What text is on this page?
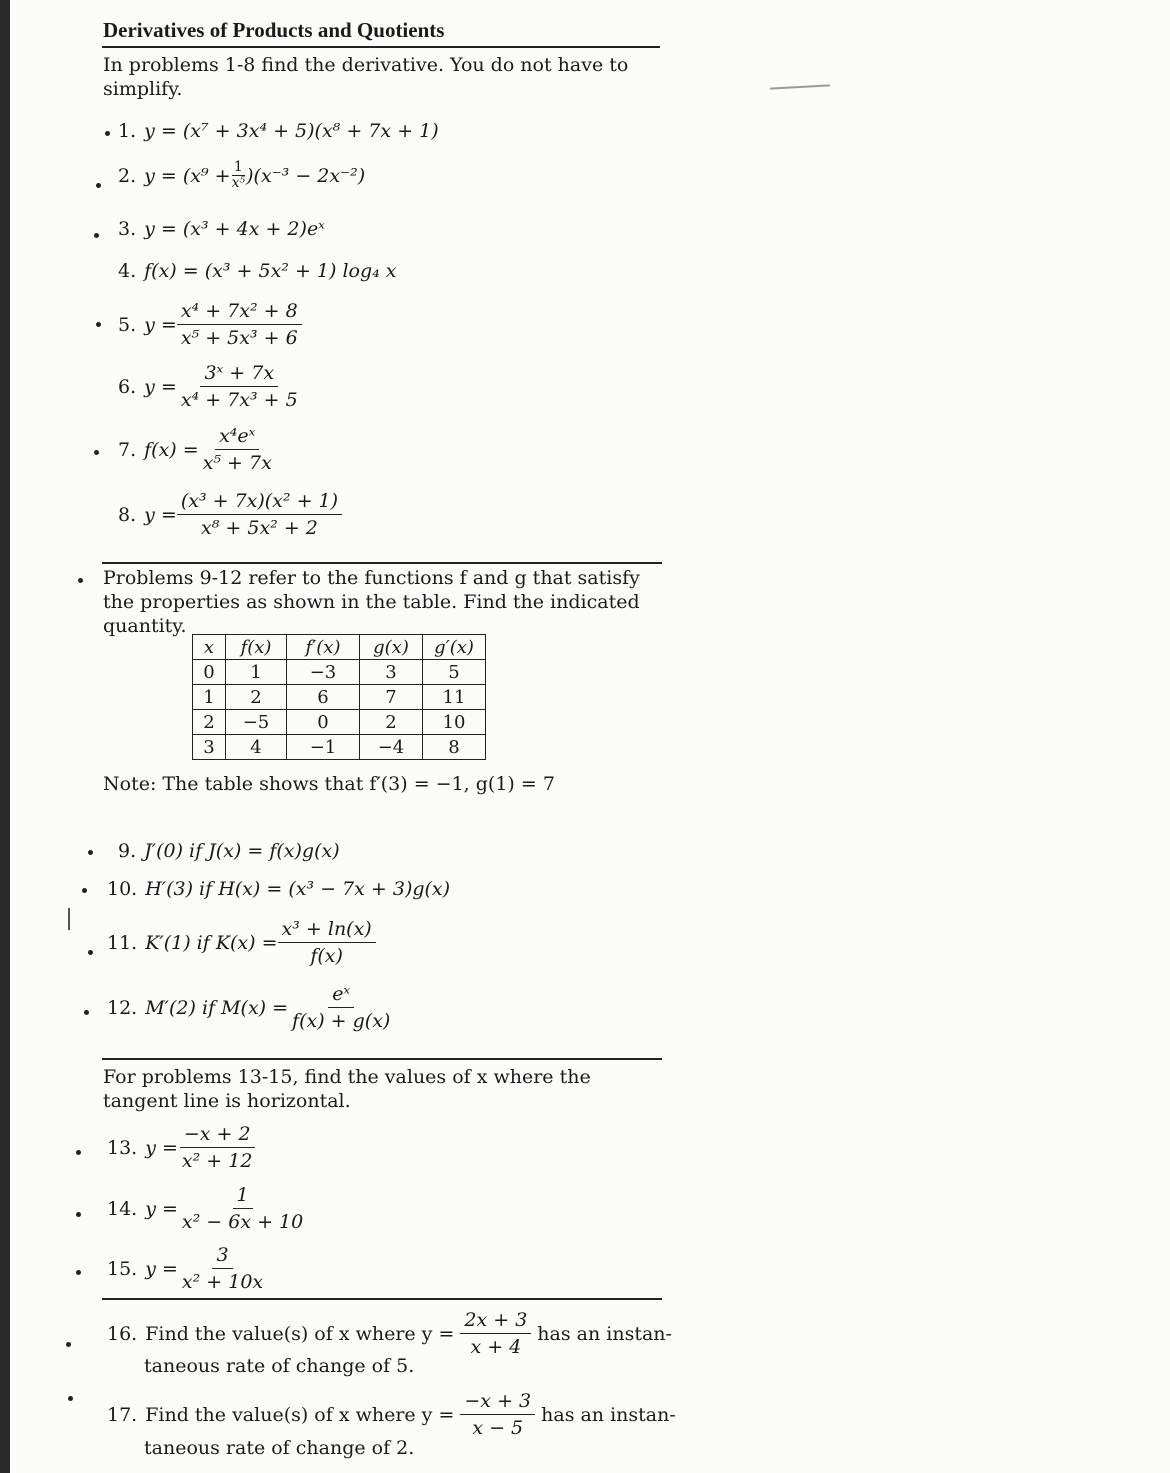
Derivatives of Products and Quotients
In problems 1-8 find the derivative. You do not have to simplify.
1. y =
(x⁷ + 3x⁴ + 5)(x⁸ + 7x + 1)
2. y =
$(x^9 + \frac{1}{\text{x⁵}} )(x^{-3} - 2x^{-2})$
3. y =
(x³ + 4x + 2)eˣ
4. f(x) =
(x³ + 5x² + 1) log₄ x
5. $y = \frac{\text{x⁴ + 7x² + 8}}{\text{x⁵ + 5x³ + 6}}$
6. $y = \frac{\text{3ˣ + 7x}}{\text{x⁴ + 7x³ + 5}}$
7. $f(x) = \frac{\text{x⁴eˣ}}{\text{x⁵ + 7x}}$
8. $y = \frac{\text{(x³ + 7x)(x² + 1)}}{\text{x⁸ + 5x² + 2}}$
Problems 9-12 refer to the functions f and g that satisfy the properties as shown in the table. Find the indicated quantity.
x	f(x)	f′(x)	g(x)	g′(x)
0	1	−3	3	5
1	2	6	7	11
2	−5	0	2	10
3	4	−1	−4	8
Note: The table shows that f′(3) = −1, g(1) = 7
9. J′(0) if J(x) = f(x)g(x)
10. H′(3) if H(x) = (x³ − 7x + 3)g(x)
11. K′(1) if $K(x) = \frac{\text{x³ + ln(x)}}{f(x)}$
12. M′(2) if $M(x) = \frac{\text{eˣ}}{f(x) + g(x)}$
For problems 13-15, find the values of x where the tangent line is horizontal.
13. $y = \frac{-x + 2}{\text{x² + 12}}$
14. $y = \frac{1}{\text{x² − 6x + 10}}$
15. $y = \frac{3}{\text{x² + 10x}}$
16. Find the value(s) of x where $y = \frac{2x + 3}{x + 4}$ has an instan-
taneous rate of change of 5.
17. Find the value(s) of x where $y = \frac{-x + 3}{x - 5}$ has an instan-
taneous rate of change of 2.
